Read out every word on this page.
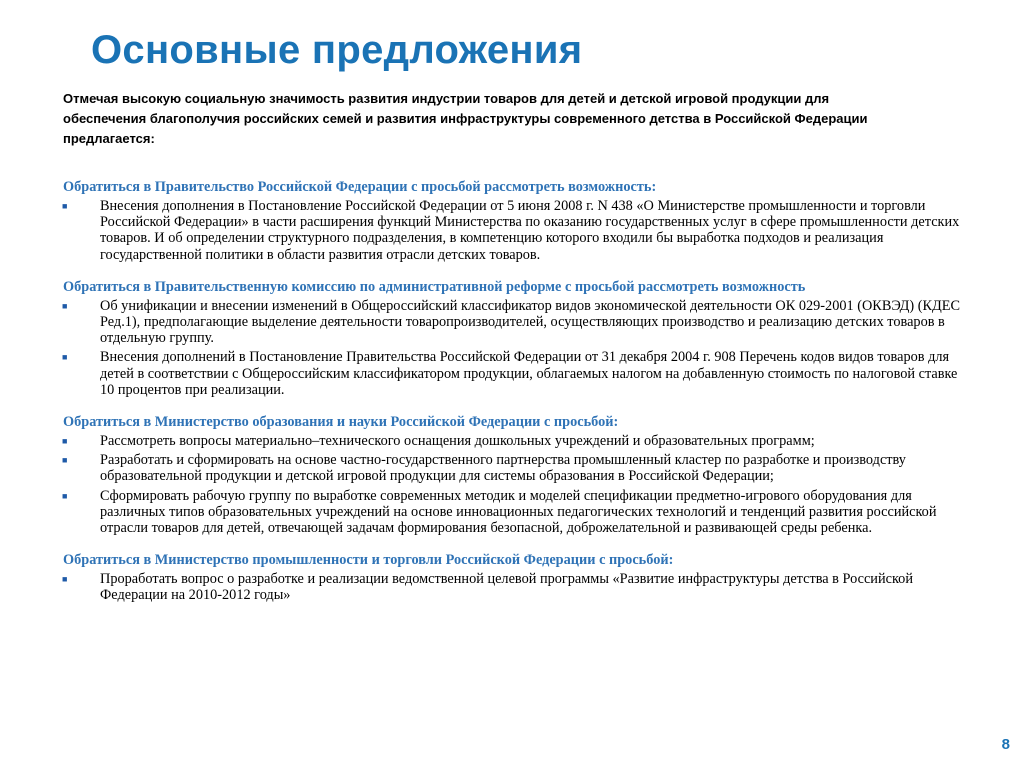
Основные предложения

Отмечая высокую социальную значимость развития индустрии товаров для детей и детской игровой продукции для обеспечения благополучия российских семей и развития инфраструктуры современного детства в Российской Федерации предлагается:

Обратиться в Правительство Российской Федерации с просьбой рассмотреть возможность:
■ Внесения дополнения в Постановление Российской Федерации от 5 июня 2008 г. N 438 «О Министерстве промышленности и торговли Российской Федерации» в части расширения функций Министерства по оказанию государственных услуг в сфере промышленности детских товаров. И об определении структурного подразделения, в компетенцию которого входили бы выработка подходов и реализация государственной политики в области развития отрасли детских товаров.
Обратиться в Правительственную комиссию по административной реформе с просьбой рассмотреть возможность
■ Об унификации и внесении изменений в Общероссийский классификатор видов экономической деятельности ОК 029-2001 (ОКВЭД) (КДЕС Ред.1), предполагающие выделение деятельности товаропроизводителей, осуществляющих производство и реализацию детских товаров в отдельную группу.
■ Внесения дополнений в Постановление Правительства Российской Федерации от 31 декабря 2004 г. 908 Перечень кодов видов товаров для детей в соответствии с Общероссийским классификатором продукции, облагаемых налогом на добавленную стоимость по налоговой ставке 10 процентов при реализации.
Обратиться в Министерство образования и науки Российской Федерации с просьбой:
■ Рассмотреть вопросы материально–технического оснащения дошкольных учреждений и образовательных программ;
■ Разработать и сформировать на основе частно-государственного партнерства промышленный кластер по разработке и производству образовательной продукции и детской игровой продукции для системы образования в Российской Федерации;
■ Сформировать рабочую группу по выработке современных методик и моделей спецификации предметно-игрового оборудования для различных типов образовательных учреждений на основе инновационных педагогических технологий и тенденций развития российской отрасли товаров для детей, отвечающей задачам формирования безопасной, доброжелательной и развивающей среды ребенка.
Обратиться в Министерство промышленности и торговли Российской Федерации с просьбой:
■ Проработать вопрос о разработке и реализации ведомственной целевой программы «Развитие инфраструктуры детства в Российской Федерации на 2010-2012 годы»
8
